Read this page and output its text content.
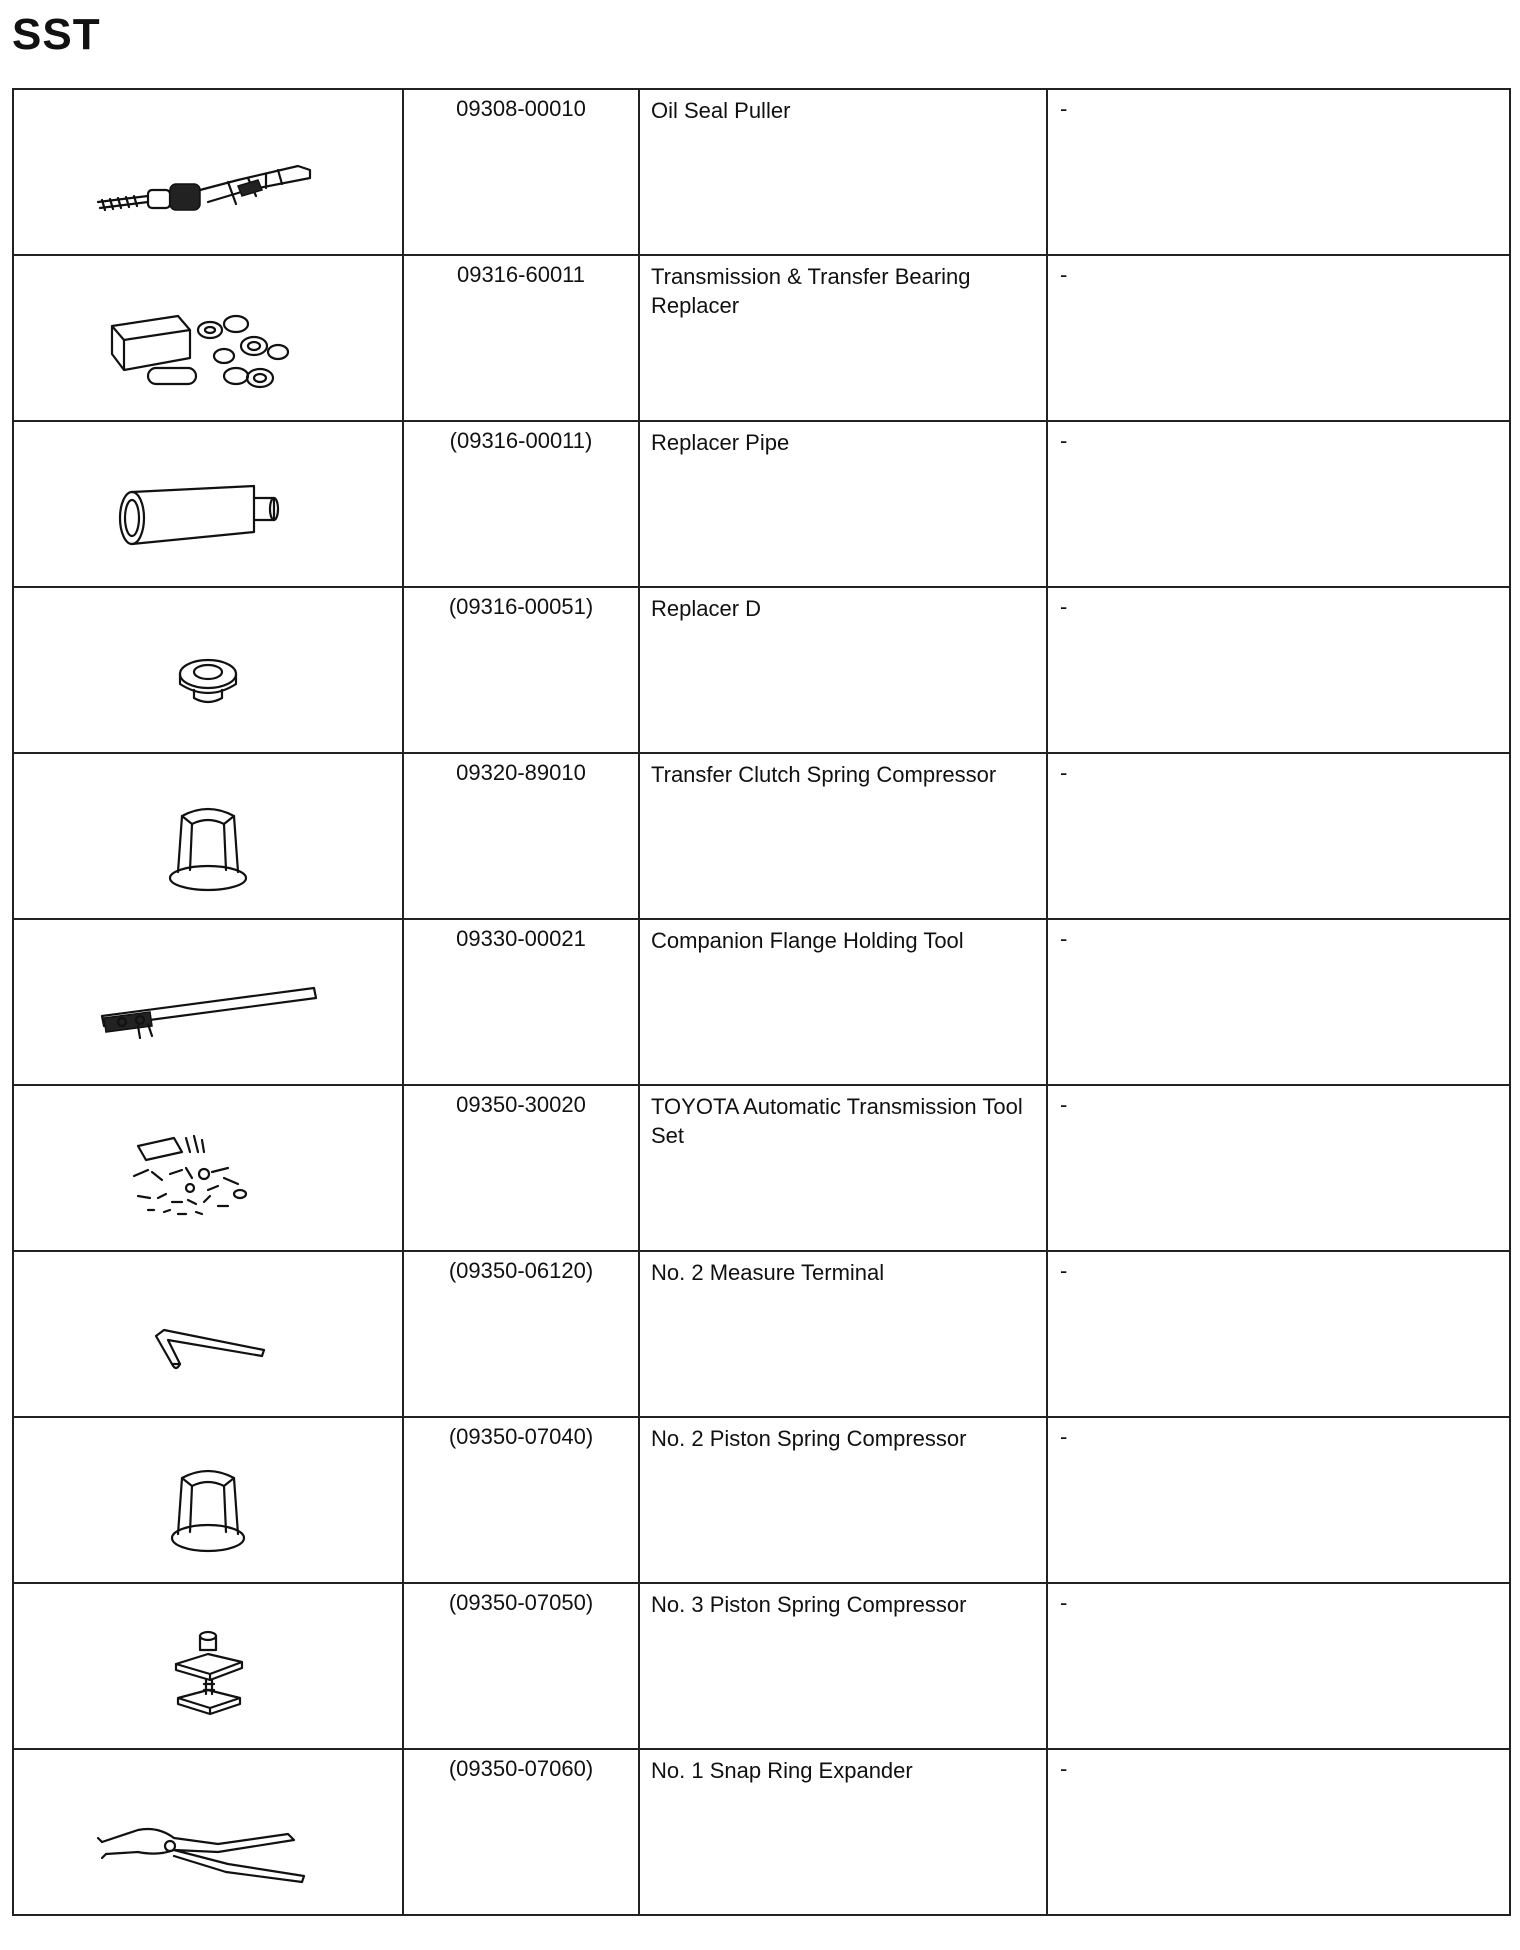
SST
	09308-00010	Oil Seal Puller	-

	09316-60011	Transmission & Transfer Bearing Replacer	-

	(09316-00011)	Replacer Pipe	-

	(09316-00051)	Replacer D	-

	09320-89010	Transfer Clutch Spring Compressor	-

	09330-00021	Companion Flange Holding Tool	-

	09350-30020	TOYOTA Automatic Transmission Tool Set	-

	(09350-06120)	No. 2 Measure Terminal	-

	(09350-07040)	No. 2 Piston Spring Compressor	-

	(09350-07050)	No. 3 Piston Spring Compressor	-

	(09350-07060)	No. 1 Snap Ring Expander	-
